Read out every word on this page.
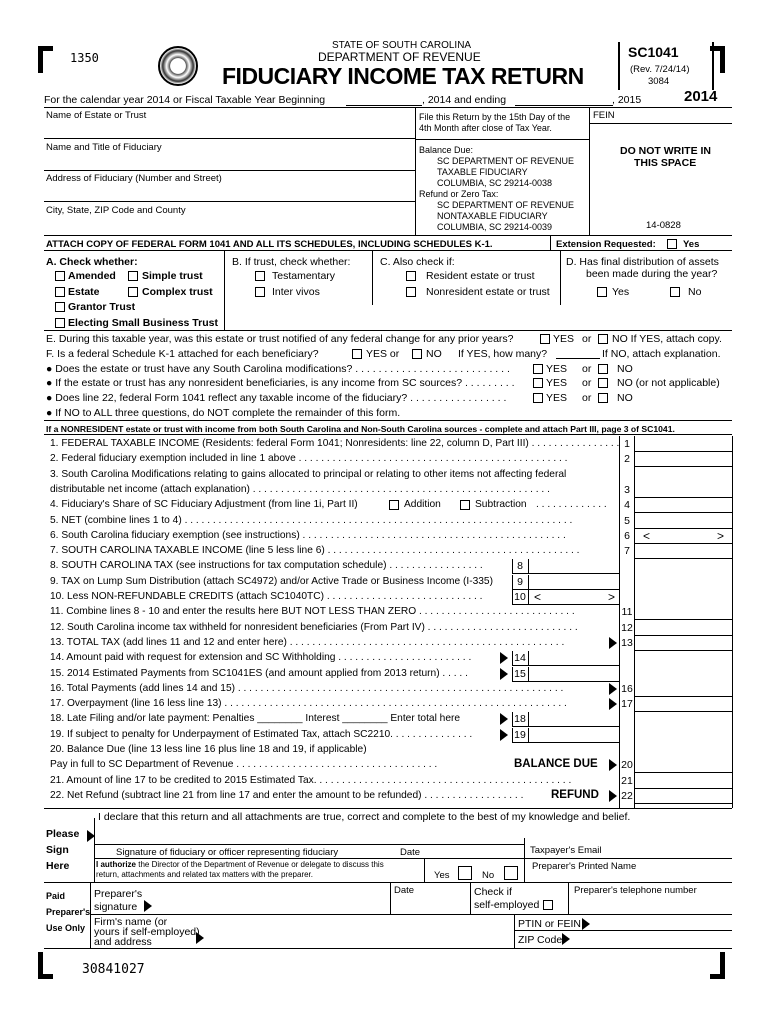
1350
STATE OF SOUTH CAROLINA
DEPARTMENT OF REVENUE
FIDUCIARY INCOME TAX RETURN
SC1041
(Rev. 7/24/14)
3084
For the calendar year 2014 or Fiscal Taxable Year Beginning	, 2014 and ending	, 2015	2014
Name of Estate or Trust
Name and Title of Fiduciary
Address of Fiduciary (Number and Street)
City, State, ZIP Code and County
File this Return by the 15th Day of the
4th Month after close of Tax Year.
Balance Due:
SC DEPARTMENT OF REVENUE
TAXABLE FIDUCIARY
COLUMBIA, SC 29214-0038
Refund or Zero Tax:
SC DEPARTMENT OF REVENUE
NONTAXABLE FIDUCIARY
COLUMBIA, SC 29214-0039
FEIN
DO NOT WRITE IN
THIS SPACE
14-0828
ATTACH COPY OF FEDERAL FORM 1041 AND ALL ITS SCHEDULES, INCLUDING SCHEDULES K-1.	Extension Requested:	Yes
A. Check whether:
Amended Simple trust
Estate	Complex trust
Grantor Trust
Electing Small Business Trust
B. If trust, check whether:
Testamentary
Inter vivos
C. Also check if:
Resident estate or trust
Nonresident estate or trust
D. Has final distribution of assets
been made during the year?
Yes	No
E. During this taxable year, was this estate or trust notified of any federal change for any prior years?	YES or NO If YES, attach copy.
F. Is a federal Schedule K-1 attached for each beneficiary?	YES or	NO If YES, how many?	If NO, attach explanation.
● Does the estate or trust have any South Carolina modifications? . . . . . . . . . . . . . . . . . . . . . . . . . . .	YES or NO
● If the estate or trust has any nonresident beneficiaries, is any income from SC sources? . . . . . . . . .	YES or NO (or not applicable)
● Does line 22, federal Form 1041 reflect any taxable income of the fiduciary? . . . . . . . . . . . . . . . . .	YES or NO
● If NO to ALL three questions, do NOT complete the remainder of this form.
If a NONRESIDENT estate or trust with income from both South Carolina and Non-South Carolina sources - complete and attach Part III, page 3 of SC1041.
1. FEDERAL TAXABLE INCOME (Residents: federal Form 1041; Nonresidents: line 22, column D, Part III) . . . . . . . . . . . . . . . . 1
2. Federal fiduciary exemption included in line 1 above . . . . . . . . . . . . . . . . . . . . . . . . . . . . . . . . . . . . . . . . . . . . . . . .	2
3. South Carolina Modifications relating to gains allocated to principal or relating to other items not affecting federal
distributable net income (attach explanation) . . . . . . . . . . . . . . . . . . . . . . . . . . . . . . . . . . . . . . . . . . . . . . . . . . . . .	3
4. Fiduciary's Share of SC Fiduciary Adjustment (from line 1i, Part II)	4
Addition	Subtraction . . . . . . . . . . . . .
5. NET (combine lines 1 to 4) . . . . . . . . . . . . . . . . . . . . . . . . . . . . . . . . . . . . . . . . . . . . . . . . . . . . . . . . . . . . . . . . . . . . .	5
6. South Carolina fiduciary exemption (see instructions) . . . . . . . . . . . . . . . . . . . . . . . . . . . . . . . . . . . . . . . . . . . . . . .	6 <	>
7. SOUTH CAROLINA TAXABLE INCOME (line 5 less line 6) . . . . . . . . . . . . . . . . . . . . . . . . . . . . . . . . . . . . . . . . . . . . .	7
8. SOUTH CAROLINA TAX (see instructions for tax computation schedule) . . . . . . . . . . . . . . . . .	8
9. TAX on Lump Sum Distribution (attach SC4972) and/or Active Trade or Business Income (I-335) 9
10. Less NON-REFUNDABLE CREDITS (attach SC1040TC) . . . . . . . . . . . . . . . . . . . . . . . . . . . .	10 <	>
11. Combine lines 8 - 10 and enter the results here BUT NOT LESS THAN ZERO . . . . . . . . . . . . . . . . . . . . . . . . . . . .	11
12. South Carolina income tax withheld for nonresident beneficiaries (From Part IV) . . . . . . . . . . . . . . . . . . . . . . . . . . .	12
13. TOTAL TAX (add lines 11 and 12 and enter here) . . . . . . . . . . . . . . . . . . . . . . . . . . . . . . . . . . . . . . . . . . . . . . . . .	13
14. Amount paid with request for extension and SC Withholding . . . . . . . . . . . . . . . . . . . . . . . .	14
15. 2014 Estimated Payments from SC1041ES (and amount applied from 2013 return) . . . . .	15
16. Total Payments (add lines 14 and 15) . . . . . . . . . . . . . . . . . . . . . . . . . . . . . . . . . . . . . . . . . . . . . . . . . . . . . . . . . .	16
17. Overpayment (line 16 less line 13) . . . . . . . . . . . . . . . . . . . . . . . . . . . . . . . . . . . . . . . . . . . . . . . . . . . . . . . . . . . . .	17
18. Late Filing and/or late payment: Penalties ________ Interest ________ Enter total here	18
19. If subject to penalty for Underpayment of Estimated Tax, attach SC2210. . . . . . . . . . . . . . .	19
20. Balance Due (line 13 less line 16 plus line 18 and 19, if applicable)
Pay in full to SC Department of Revenue . . . . . . . . . . . . . . . . . . . . . . . . . . . . . . . . . . . .	20
BALANCE DUE
21. Amount of line 17 to be credited to 2015 Estimated Tax. . . . . . . . . . . . . . . . . . . . . . . . . . . . . . . . . . . . . . . . . . . . . .	21
22. Net Refund (subtract line 21 from line 17 and enter the amount to be refunded) . . . . . . . . . . . . . . . . . .	22
REFUND
I declare that this return and all attachments are true, correct and complete to the best of my knowledge and belief.
Please
Sign
Here
Signature of fiduciary or officer representing fiduciary	Date	Taxpayer's Email
I authorize the Director of the Department of Revenue or delegate to discuss this
return, attachments and related tax matters with the preparer.	Yes	No
Preparer's Printed Name
Paid
Preparer's
Use Only
Preparer's
signature
Date	Check if
self-employed
Preparer's telephone number
Firm's name (or
yours if self-employed)
and address
PTIN or FEIN
ZIP Code
30841027
